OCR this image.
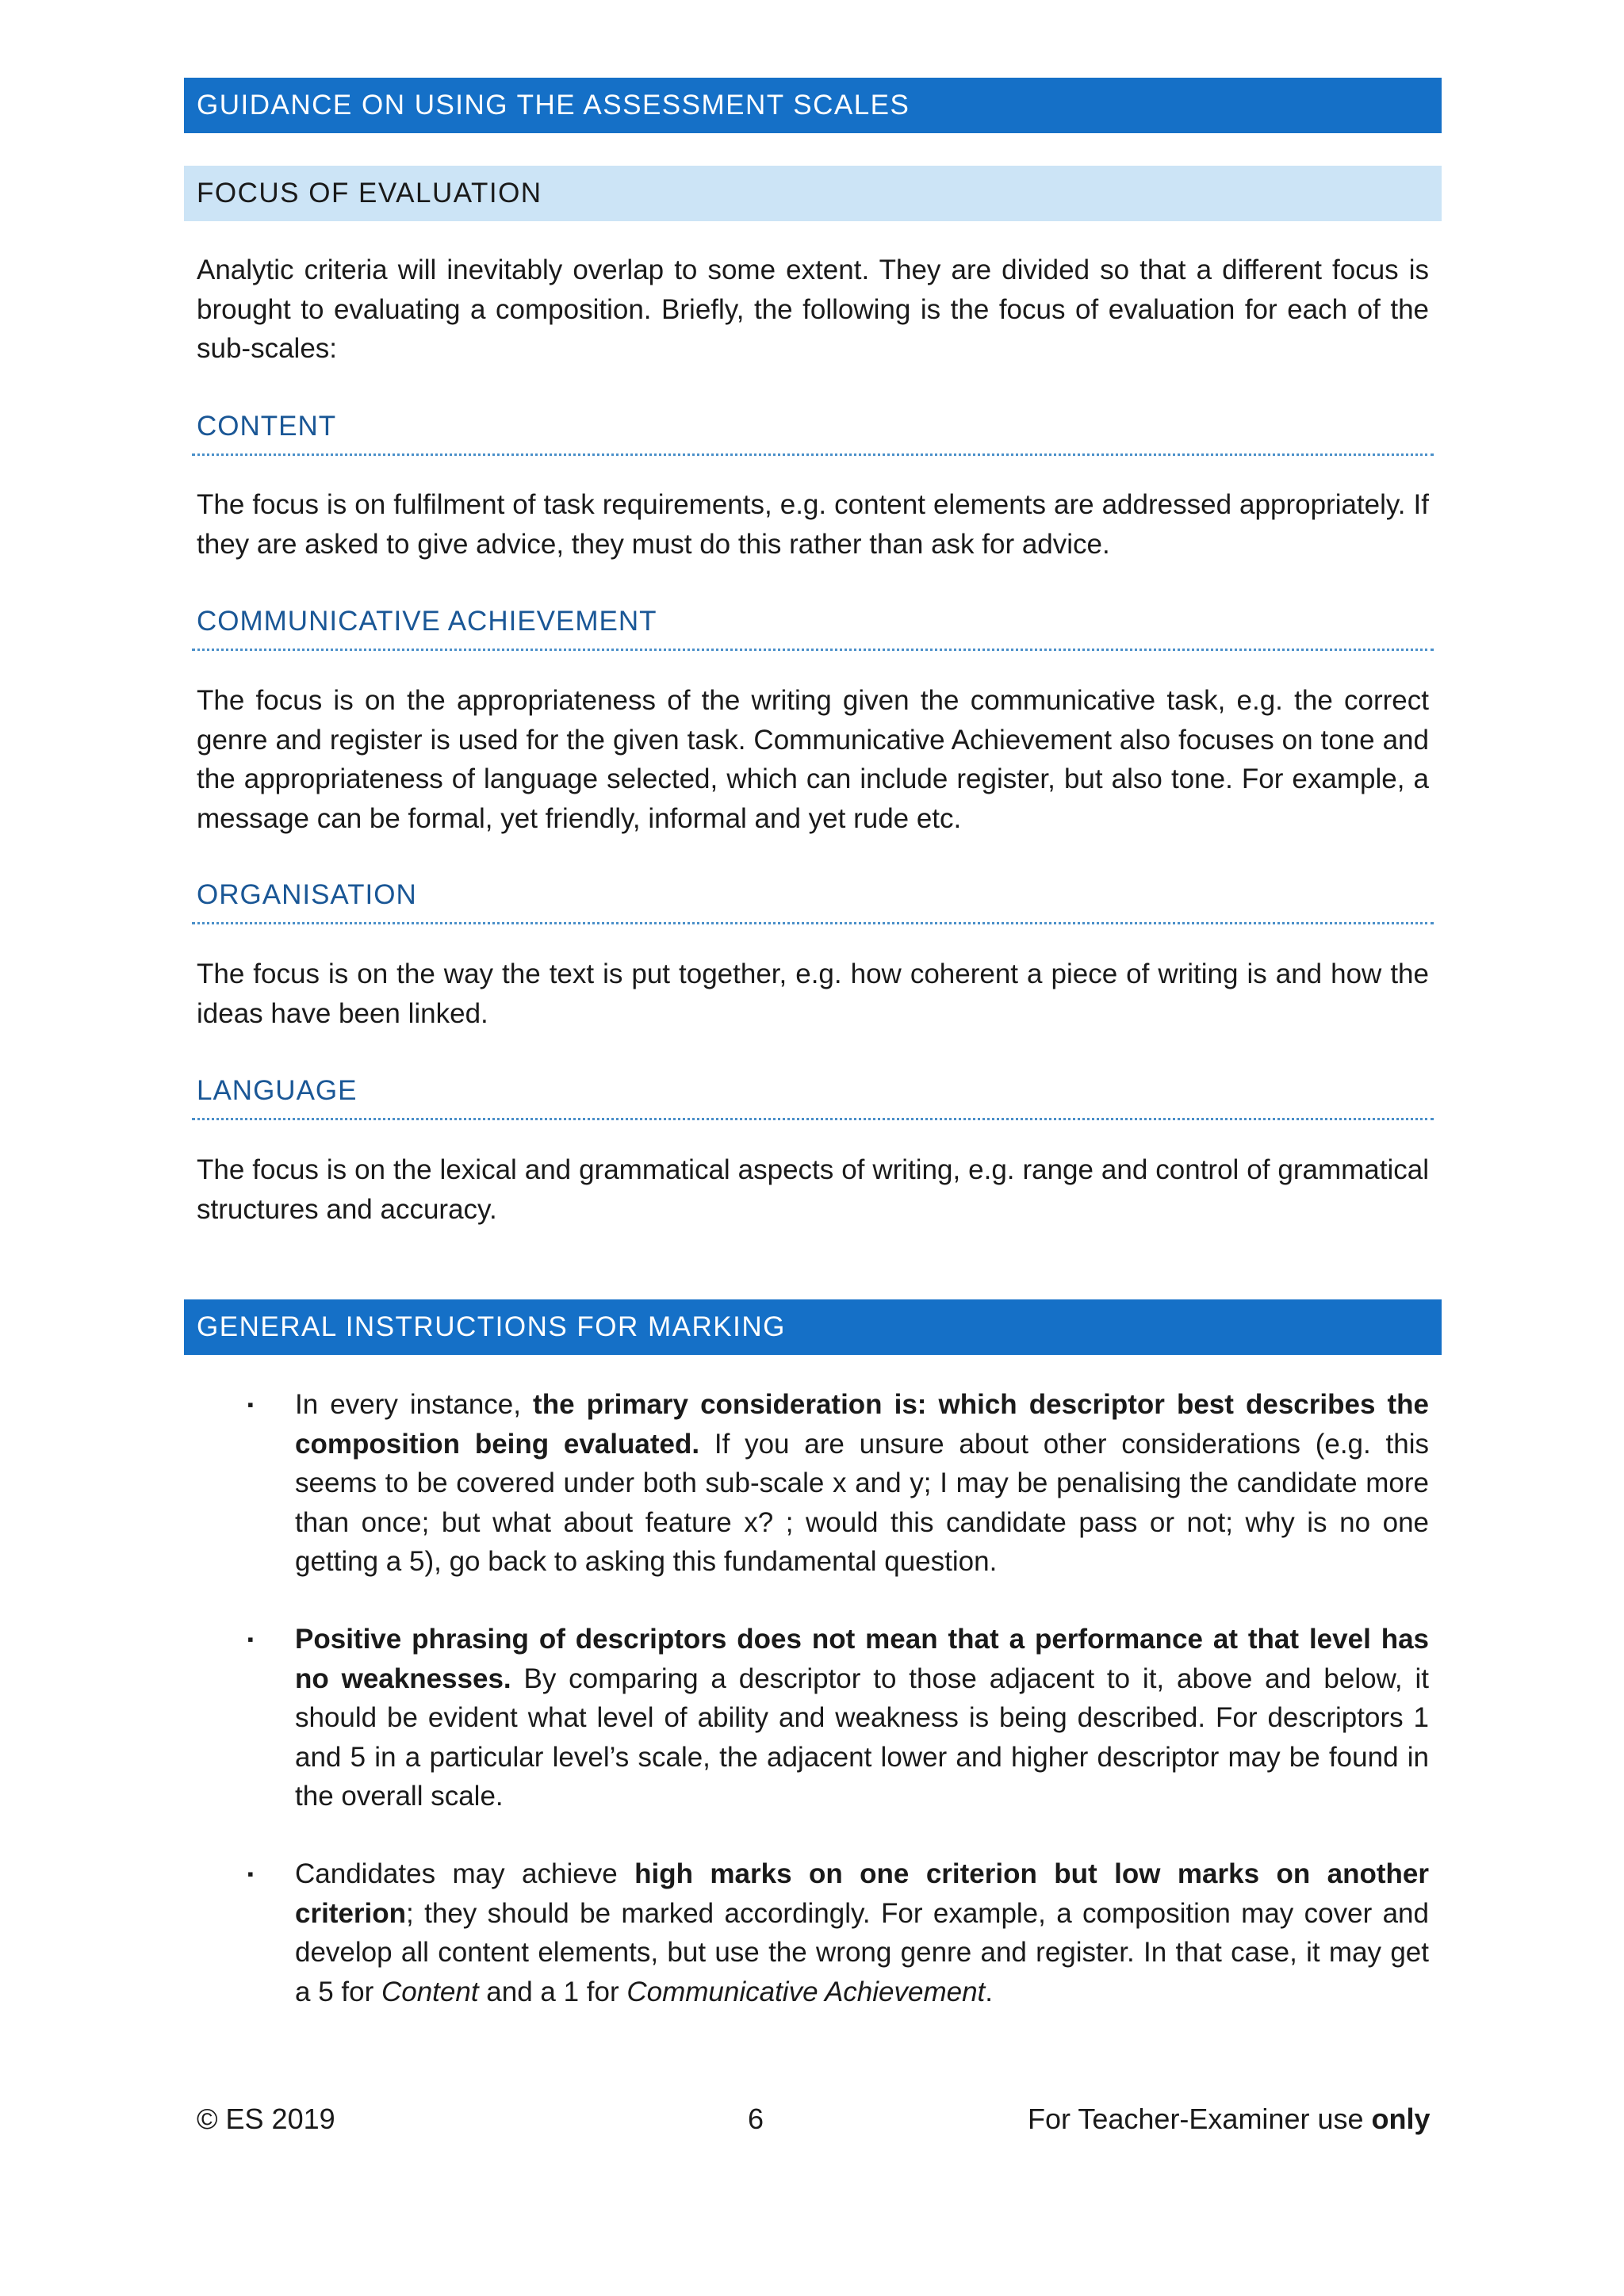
GUIDANCE ON USING THE ASSESSMENT SCALES
FOCUS OF EVALUATION

Analytic criteria will inevitably overlap to some extent. They are divided so that a different focus is brought to evaluating a composition. Briefly, the following is the focus of evaluation for each of the sub-scales:

CONTENT

The focus is on fulfilment of task requirements, e.g. content elements are addressed appropriately. If they are asked to give advice, they must do this rather than ask for advice.

COMMUNICATIVE ACHIEVEMENT

The focus is on the appropriateness of the writing given the communicative task, e.g. the correct genre and register is used for the given task. Communicative Achievement also focuses on tone and the appropriateness of language selected, which can include register, but also tone. For example, a message can be formal, yet friendly, informal and yet rude etc.

ORGANISATION

The focus is on the way the text is put together, e.g. how coherent a piece of writing is and how the ideas have been linked.

LANGUAGE

The focus is on the lexical and grammatical aspects of writing, e.g. range and control of grammatical structures and accuracy.

GENERAL INSTRUCTIONS FOR MARKING
▪ In every instance, the primary consideration is: which descriptor best describes the composition being evaluated. If you are unsure about other considerations (e.g. this seems to be covered under both sub-scale x and y; I may be penalising the candidate more than once; but what about feature x? ; would this candidate pass or not; why is no one getting a 5), go back to asking this fundamental question.

▪ Positive phrasing of descriptors does not mean that a performance at that level has no weaknesses. By comparing a descriptor to those adjacent to it, above and below, it should be evident what level of ability and weakness is being described. For descriptors 1 and 5 in a particular level’s scale, the adjacent lower and higher descriptor may be found in the overall scale.

▪ Candidates may achieve high marks on one criterion but low marks on another criterion; they should be marked accordingly. For example, a composition may cover and develop all content elements, but use the wrong genre and register. In that case, it may get a 5 for Content and a 1 for Communicative Achievement.

© ES 2019	6	For Teacher-Examiner use only
